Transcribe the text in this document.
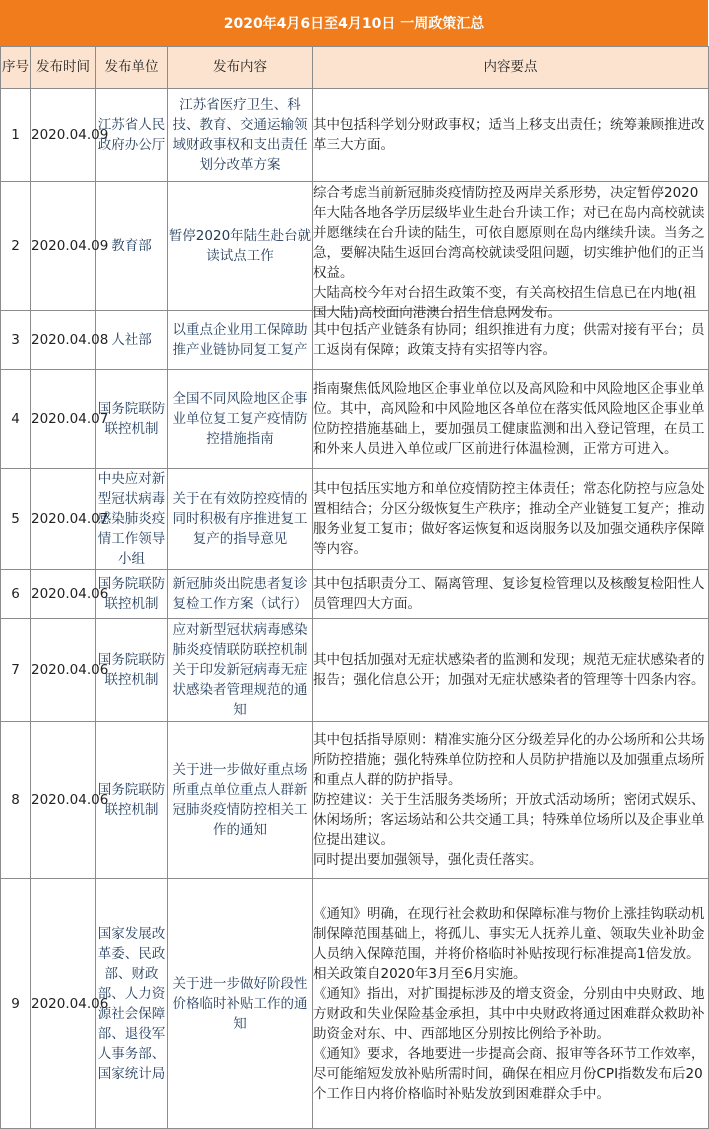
2020年4月6日至4月10日 一周政策汇总
序号	发布时间	发布单位	发布内容	内容要点
1	2020.04.09	江苏省人民政府办公厅	江苏省医疗卫生、科技、教育、交通运输领域财政事权和支出责任划分改革方案	其中包括科学划分财政事权；适当上移支出责任；统筹兼顾推进改革三大方面。

2	2020.04.09	教育部	暂停2020年陆生赴台就读试点工作	综合考虑当前新冠肺炎疫情防控及两岸关系形势，决定暂停2020年大陆各地各学历层级毕业生赴台升读工作；对已在岛内高校就读并愿继续在台升读的陆生，可依自愿原则在岛内继续升读。当务之急，要解决陆生返回台湾高校就读受阻问题，切实维护他们的正当权益。
大陆高校今年对台招生政策不变，有关高校招生信息已在内地(祖国大陆)高校面向港澳台招生信息网发布。

3	2020.04.08	人社部	以重点企业用工保障助推产业链协同复工复产	其中包括产业链条有协同；组织推进有力度；供需对接有平台；员工返岗有保障；政策支持有实招等内容。

4	2020.04.07	国务院联防联控机制	全国不同风险地区企事业单位复工复产疫情防控措施指南	指南聚焦低风险地区企事业单位以及高风险和中风险地区企事业单位。其中，高风险和中风险地区各单位在落实低风险地区企事业单位防控措施基础上，要加强员工健康监测和出入登记管理，在员工和外来人员进入单位或厂区前进行体温检测，正常方可进入。

5	2020.04.07	中央应对新型冠状病毒感染肺炎疫情工作领导小组	关于在有效防控疫情的同时积极有序推进复工复产的指导意见	其中包括压实地方和单位疫情防控主体责任；常态化防控与应急处置相结合；分区分级恢复生产秩序；推动全产业链复工复产；推动服务业复工复市；做好客运恢复和返岗服务以及加强交通秩序保障等内容。

6	2020.04.06	国务院联防联控机制	新冠肺炎出院患者复诊复检工作方案（试行）	其中包括职责分工、隔离管理、复诊复检管理以及核酸复检阳性人员管理四大方面。

7	2020.04.06	国务院联防联控机制	应对新型冠状病毒感染肺炎疫情联防联控机制关于印发新冠病毒无症状感染者管理规范的通知	其中包括加强对无症状感染者的监测和发现；规范无症状感染者的报告；强化信息公开；加强对无症状感染者的管理等十四条内容。

8	2020.04.06	国务院联防联控机制	关于进一步做好重点场所重点单位重点人群新冠肺炎疫情防控相关工作的通知	其中包括指导原则：精准实施分区分级差异化的办公场所和公共场所防控措施；强化特殊单位防控和人员防护措施以及加强重点场所和重点人群的防护指导。
防控建议：关于生活服务类场所；开放式活动场所；密闭式娱乐、休闲场所；客运场站和公共交通工具；特殊单位场所以及企事业单位提出建议。
同时提出要加强领导，强化责任落实。

9	2020.04.06	国家发展改革委、民政部、财政部、人力资源社会保障部、退役军人事务部、国家统计局	关于进一步做好阶段性价格临时补贴工作的通知	《通知》明确，在现行社会救助和保障标准与物价上涨挂钩联动机制保障范围基础上，将孤儿、事实无人抚养儿童、领取失业补助金人员纳入保障范围，并将价格临时补贴按现行标准提高1倍发放。相关政策自2020年3月至6月实施。
《通知》指出，对扩围提标涉及的增支资金，分别由中央财政、地方财政和失业保险基金承担，其中中央财政将通过困难群众救助补助资金对东、中、西部地区分别按比例给予补助。
《通知》要求，各地要进一步提高会商、报审等各环节工作效率，尽可能缩短发放补贴所需时间，确保在相应月份CPI指数发布后20个工作日内将价格临时补贴发放到困难群众手中。
